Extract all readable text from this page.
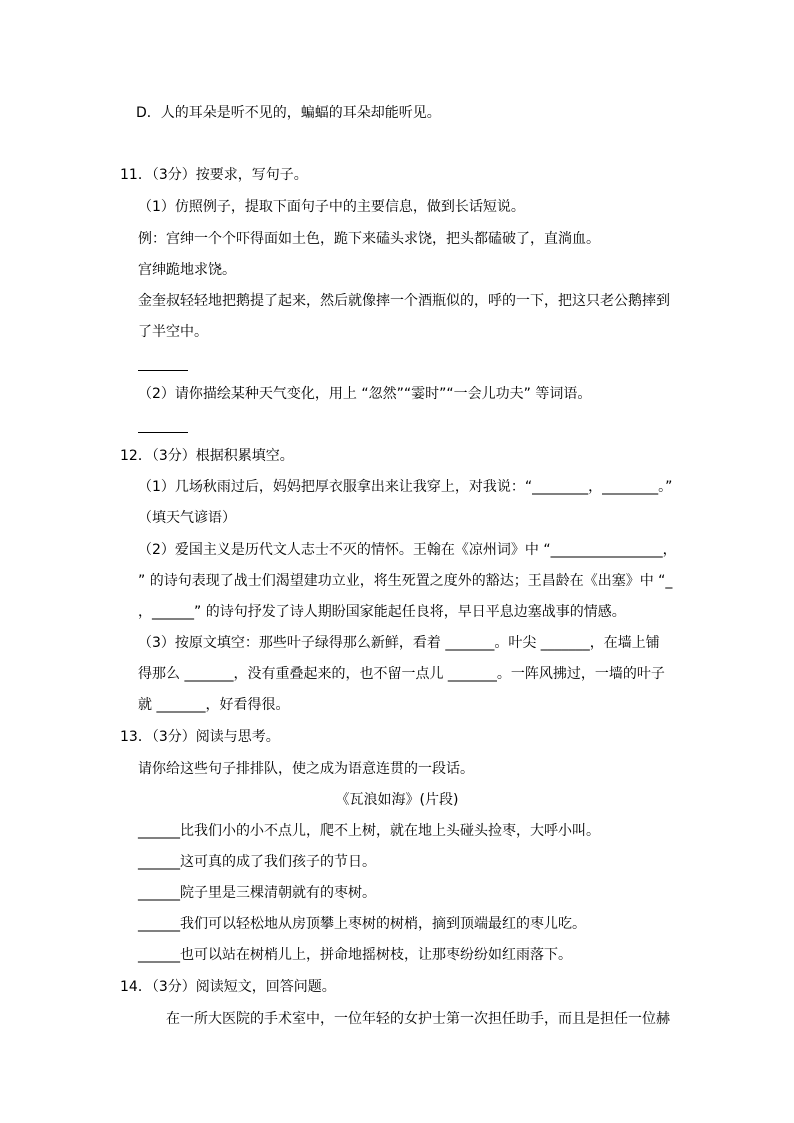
D．人的耳朵是听不见的，蝙蝠的耳朵却能听见。
11．（3分）按要求，写句子。
（1）仿照例子，提取下面句子中的主要信息，做到长话短说。
例：宫绅一个个吓得面如土色，跪下来磕头求饶，把头都磕破了，直淌血。
宫绅跪地求饶。
金奎叔轻轻地把鹅提了起来，然后就像摔一个酒瓶似的，呼的一下，把这只老公鹅摔到
了半空中。
（2）请你描绘某种天气变化，用上 “忽然”“霎时”“一会儿功夫” 等词语。
12．（3分）根据积累填空。
（1）几场秋雨过后，妈妈把厚衣服拿出来让我穿上，对我说：“________，________。”
（填天气谚语）
（2）爱国主义是历代文人志士不灭的情怀。王翰在《凉州词》中 “________________，
” 的诗句表现了战士们渴望建功立业，将生死置之度外的豁达；王昌龄在《出塞》中 “_
，______” 的诗句抒发了诗人期盼国家能起任良将，早日平息边塞战事的情感。
（3）按原文填空：那些叶子绿得那么新鲜，看着 _______。叶尖 _______，在墙上铺
得那么 _______，没有重叠起来的，也不留一点儿 _______。一阵风拂过，一墙的叶子
就 _______，好看得很。
13．（3分）阅读与思考。
请你给这些句子排排队，使之成为语意连贯的一段话。
《瓦浪如海》(片段)
______比我们小的小不点儿，爬不上树，就在地上头碰头捡枣，大呼小叫。
______这可真的成了我们孩子的节日。
______院子里是三棵清朝就有的枣树。
______我们可以轻松地从房顶攀上枣树的树梢，摘到顶端最红的枣儿吃。
______也可以站在树梢儿上，拼命地摇树枝，让那枣纷纷如红雨落下。
14．（3分）阅读短文，回答问题。
在一所大医院的手术室中，一位年轻的女护士第一次担任助手，而且是担任一位赫
